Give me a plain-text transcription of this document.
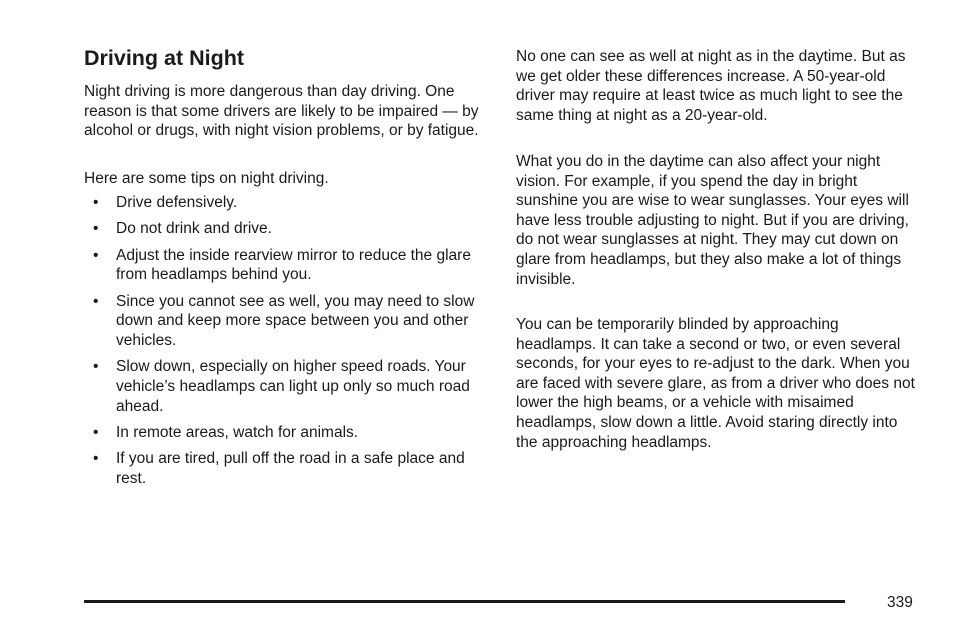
Driving at Night

Night driving is more dangerous than day driving. One reason is that some drivers are likely to be impaired — by alcohol or drugs, with night vision problems, or by fatigue.

Here are some tips on night driving.

• Drive defensively.
• Do not drink and drive.
• Adjust the inside rearview mirror to reduce the glare from headlamps behind you.
• Since you cannot see as well, you may need to slow down and keep more space between you and other vehicles.
• Slow down, especially on higher speed roads. Your vehicle’s headlamps can light up only so much road ahead.
• In remote areas, watch for animals.
• If you are tired, pull off the road in a safe place and rest.

No one can see as well at night as in the daytime. But as we get older these differences increase. A 50-year-old driver may require at least twice as much light to see the same thing at night as a 20-year-old.

What you do in the daytime can also affect your night vision. For example, if you spend the day in bright sunshine you are wise to wear sunglasses. Your eyes will have less trouble adjusting to night. But if you are driving, do not wear sunglasses at night. They may cut down on glare from headlamps, but they also make a lot of things invisible.

You can be temporarily blinded by approaching headlamps. It can take a second or two, or even several seconds, for your eyes to re-adjust to the dark. When you are faced with severe glare, as from a driver who does not lower the high beams, or a vehicle with misaimed headlamps, slow down a little. Avoid staring directly into the approaching headlamps.

339
